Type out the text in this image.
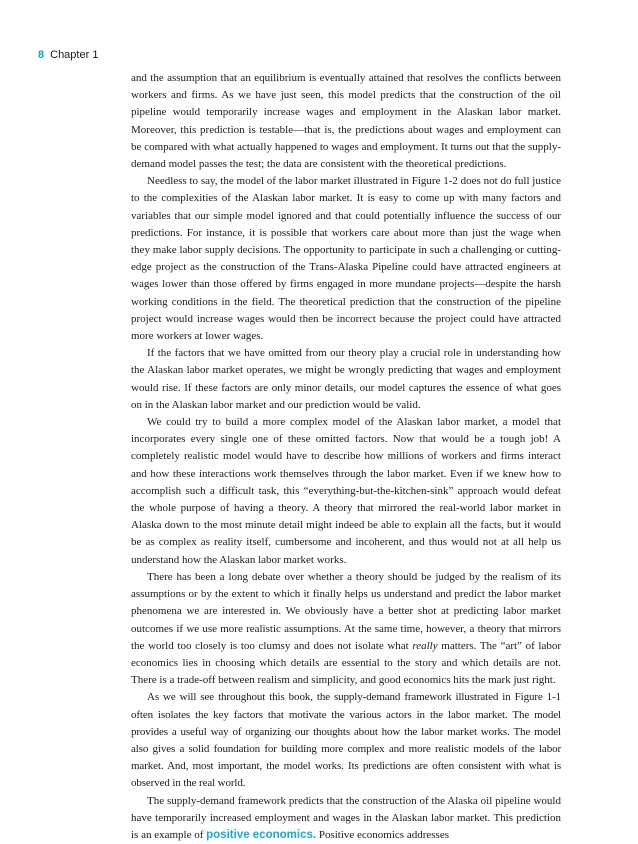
8 Chapter 1

and the assumption that an equilibrium is eventually attained that resolves the conflicts between workers and firms. As we have just seen, this model predicts that the construction of the oil pipeline would temporarily increase wages and employment in the Alaskan labor market. Moreover, this prediction is testable—that is, the predictions about wages and employment can be compared with what actually happened to wages and employment. It turns out that the supply-demand model passes the test; the data are consistent with the theoretical predictions.

Needless to say, the model of the labor market illustrated in Figure 1-2 does not do full justice to the complexities of the Alaskan labor market. It is easy to come up with many factors and variables that our simple model ignored and that could potentially influence the success of our predictions. For instance, it is possible that workers care about more than just the wage when they make labor supply decisions. The opportunity to participate in such a challenging or cutting-edge project as the construction of the Trans-Alaska Pipeline could have attracted engineers at wages lower than those offered by firms engaged in more mundane projects—despite the harsh working conditions in the field. The theoretical prediction that the construction of the pipeline project would increase wages would then be incorrect because the project could have attracted more workers at lower wages.

If the factors that we have omitted from our theory play a crucial role in understanding how the Alaskan labor market operates, we might be wrongly predicting that wages and employment would rise. If these factors are only minor details, our model captures the essence of what goes on in the Alaskan labor market and our prediction would be valid.

We could try to build a more complex model of the Alaskan labor market, a model that incorporates every single one of these omitted factors. Now that would be a tough job! A completely realistic model would have to describe how millions of workers and firms interact and how these interactions work themselves through the labor market. Even if we knew how to accomplish such a difficult task, this “everything-but-the-kitchen-sink” approach would defeat the whole purpose of having a theory. A theory that mirrored the real-world labor market in Alaska down to the most minute detail might indeed be able to explain all the facts, but it would be as complex as reality itself, cumbersome and incoherent, and thus would not at all help us understand how the Alaskan labor market works.

There has been a long debate over whether a theory should be judged by the realism of its assumptions or by the extent to which it finally helps us understand and predict the labor market phenomena we are interested in. We obviously have a better shot at predicting labor market outcomes if we use more realistic assumptions. At the same time, however, a theory that mirrors the world too closely is too clumsy and does not isolate what really matters. The “art” of labor economics lies in choosing which details are essential to the story and which details are not. There is a trade-off between realism and simplicity, and good economics hits the mark just right.

As we will see throughout this book, the supply-demand framework illustrated in Figure 1-1 often isolates the key factors that motivate the various actors in the labor market. The model provides a useful way of organizing our thoughts about how the labor market works. The model also gives a solid foundation for building more complex and more realistic models of the labor market. And, most important, the model works. Its predictions are often consistent with what is observed in the real world.

The supply-demand framework predicts that the construction of the Alaska oil pipeline would have temporarily increased employment and wages in the Alaskan labor market. This prediction is an example of positive economics. Positive economics addresses
